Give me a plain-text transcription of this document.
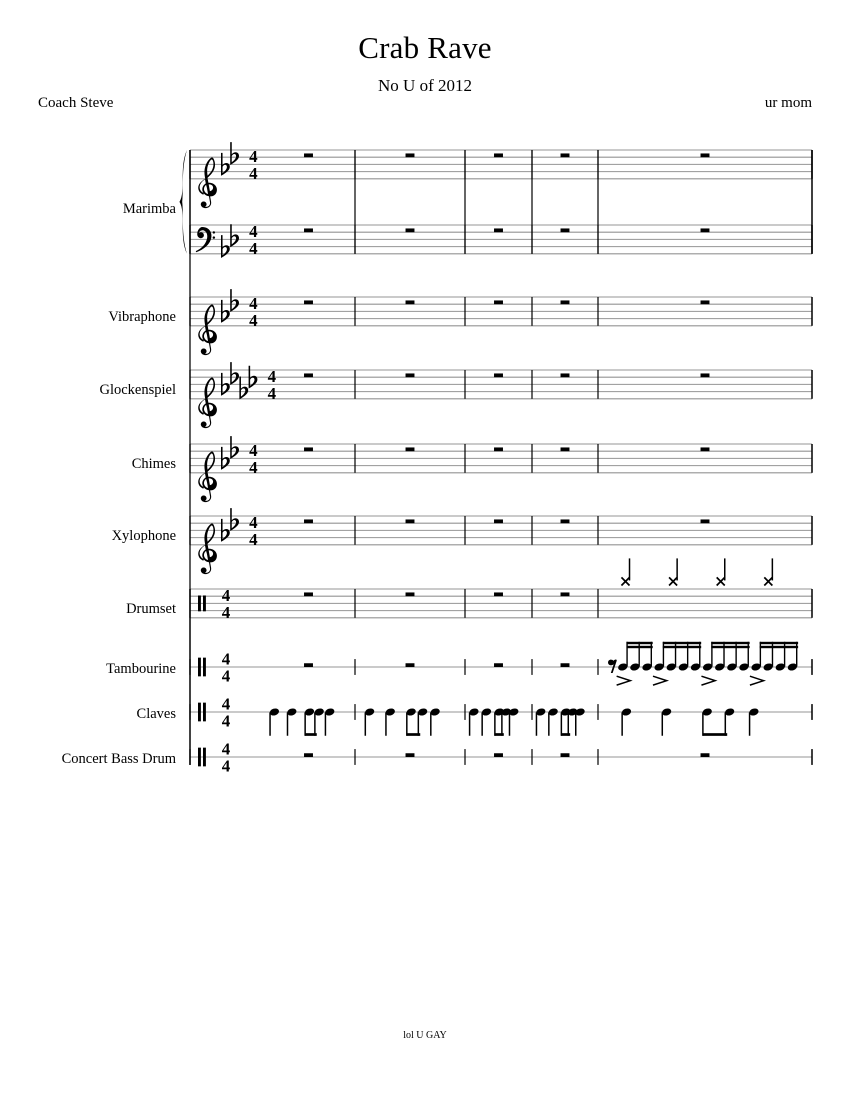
Crab Rave
No U of 2012
Coach Steve	ur mom
lol U GAY
4
4
4
4
4
4
4
4
4
4
4
4
4
4
4
4
4
4
4
4
Marimba
Vibraphone
Glockenspiel
Chimes
Xylophone
Drumset
Tambourine
Claves
Concert Bass Drum
